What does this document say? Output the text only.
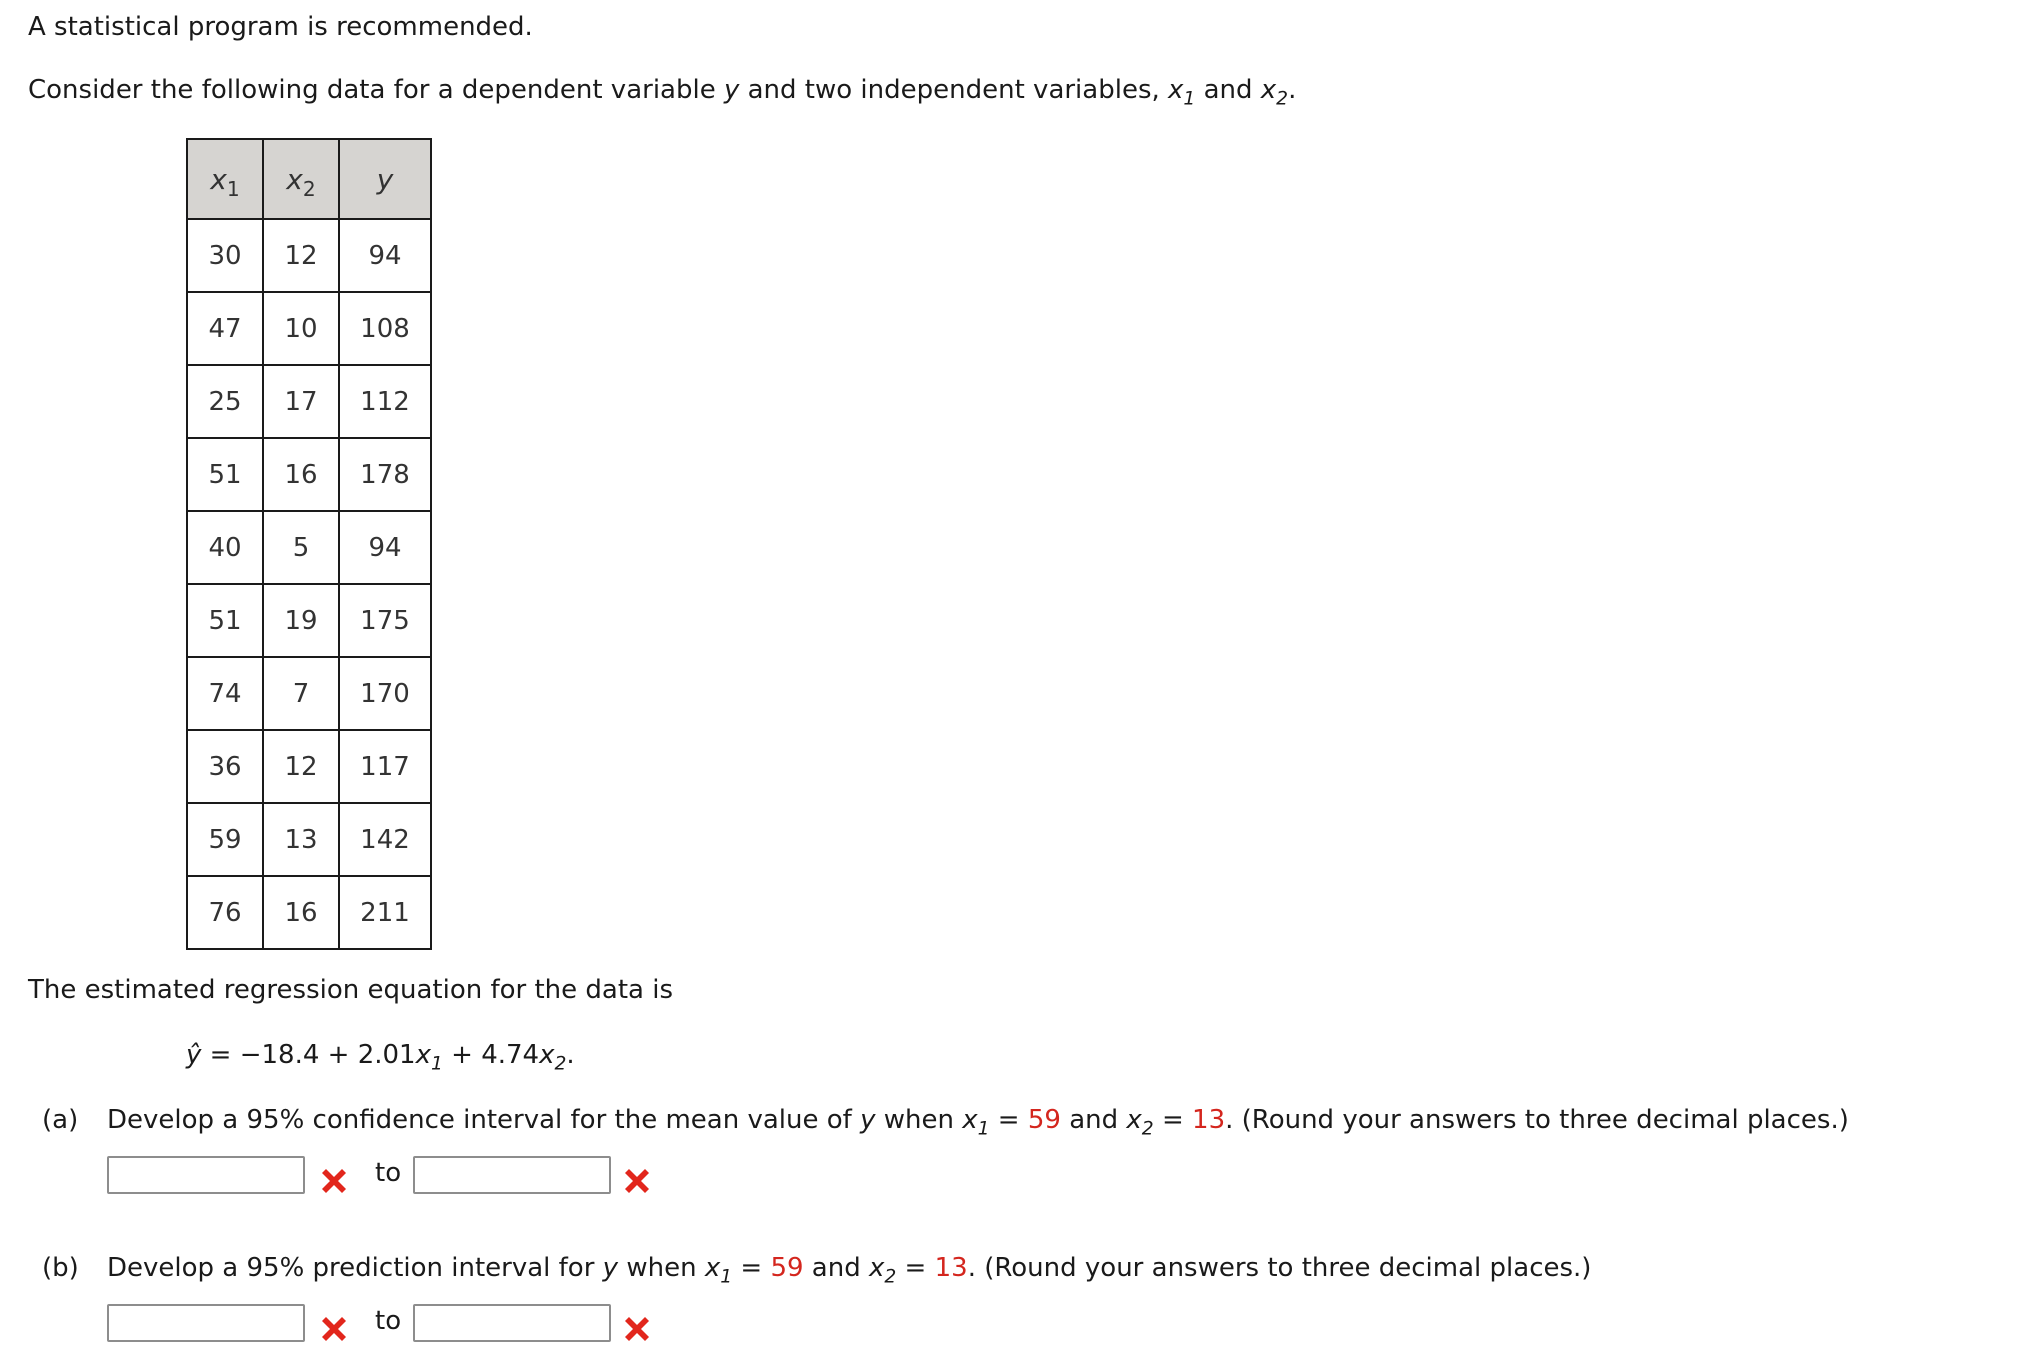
A statistical program is recommended.
Consider the following data for a dependent variable y and two independent variables, $x_1$ and $x_2$.
$x_1$	$x_2$	y
30	12	94
47	10	108
25	17	112
51	16	178
40	5	94
51	19	175
74	7	170
36	12	117
59	13	142
76	16	211
The estimated regression equation for the data is
ŷ = $-18.4 + 2.01x_1 + 4.74x_2$.
(a) Develop a 95% confidence interval for the mean value of y when $x_1 = 59$ and $x_2 = 13$. (Round your answers to three decimal places.)
to
(b) Develop a 95% prediction interval for y when $x_1 = 59$ and $x_2 = 13$. (Round your answers to three decimal places.)
to
